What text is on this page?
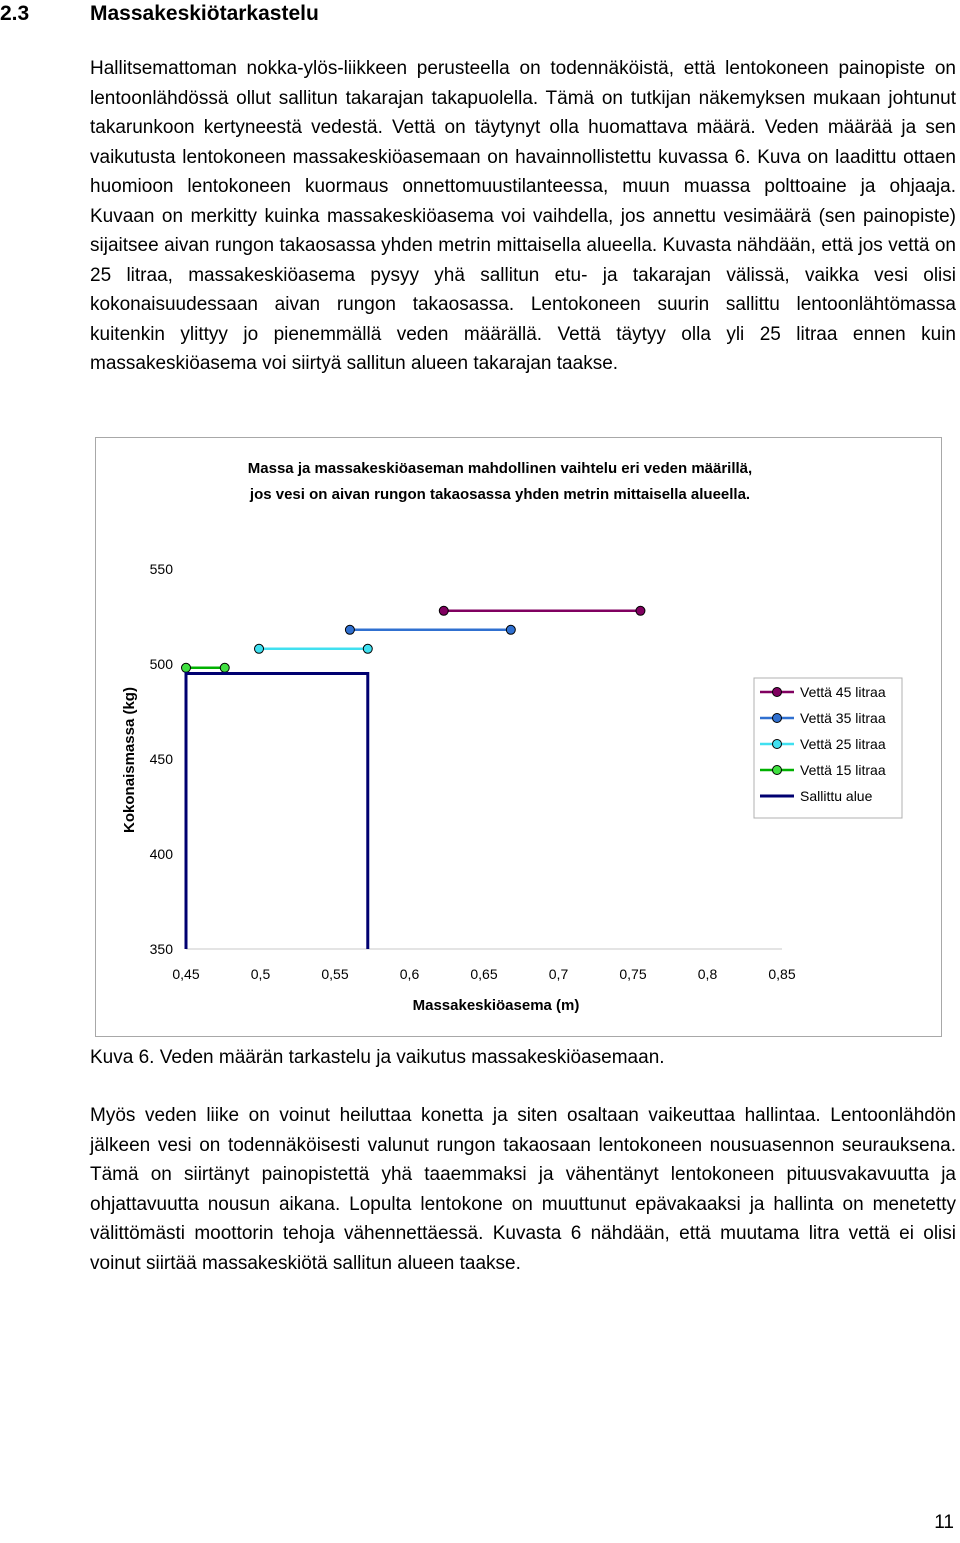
2.3	Massakeskiötarkastelu

Hallitsemattoman nokka-ylös-liikkeen perusteella on todennäköistä, että lentokoneen painopiste on lentoonlähdössä ollut sallitun takarajan takapuolella. Tämä on tutkijan näkemyksen mukaan johtunut takarunkoon kertyneestä vedestä. Vettä on täytynyt olla huomattava määrä. Veden määrää ja sen vaikutusta lentokoneen massakeskiöasemaan on havainnollistettu kuvassa 6. Kuva on laadittu ottaen huomioon lentokoneen kuormaus onnettomuustilanteessa, muun muassa polttoaine ja ohjaaja. Kuvaan on merkitty kuinka massakeskiöasema voi vaihdella, jos annettu vesimäärä (sen painopiste) sijaitsee aivan rungon takaosassa yhden metrin mittaisella alueella. Kuvasta nähdään, että jos vettä on 25 litraa, massakeskiöasema pysyy yhä sallitun etu- ja takarajan välissä, vaikka vesi olisi kokonaisuudessaan aivan rungon takaosassa. Lentokoneen suurin sallittu lentoonlähtömassa kuitenkin ylittyy jo pienemmällä veden määrällä. Vettä täytyy olla yli 25 litraa ennen kuin massakeskiöasema voi siirtyä sallitun alueen takarajan taakse.

Massa ja massakeskiöaseman mahdollinen vaihtelu eri veden määrillä,
jos vesi on aivan rungon takaosassa yhden metrin mittaisella alueella.
Kokonaismassa (kg)
Massakeskiöasema (m)
550
500
450
400
350
0,45	0,5	0,55	0,6	0,65	0,7	0,75	0,8	0,85
Vettä 45 litraa
Vettä 35 litraa
Vettä 25 litraa
Vettä 15 litraa
Sallittu alue
Kuva 6. Veden määrän tarkastelu ja vaikutus massakeskiöasemaan.

Myös veden liike on voinut heiluttaa konetta ja siten osaltaan vaikeuttaa hallintaa. Lentoonlähdön jälkeen vesi on todennäköisesti valunut rungon takaosaan lentokoneen nousuasennon seurauksena. Tämä on siirtänyt painopistettä yhä taaemmaksi ja vähentänyt lentokoneen pituusvakavuutta ja ohjattavuutta nousun aikana. Lopulta lentokone on muuttunut epävakaaksi ja hallinta on menetetty välittömästi moottorin tehoja vähennettäessä. Kuvasta 6 nähdään, että muutama litra vettä ei olisi voinut siirtää massakeskiötä sallitun alueen taakse.

11
